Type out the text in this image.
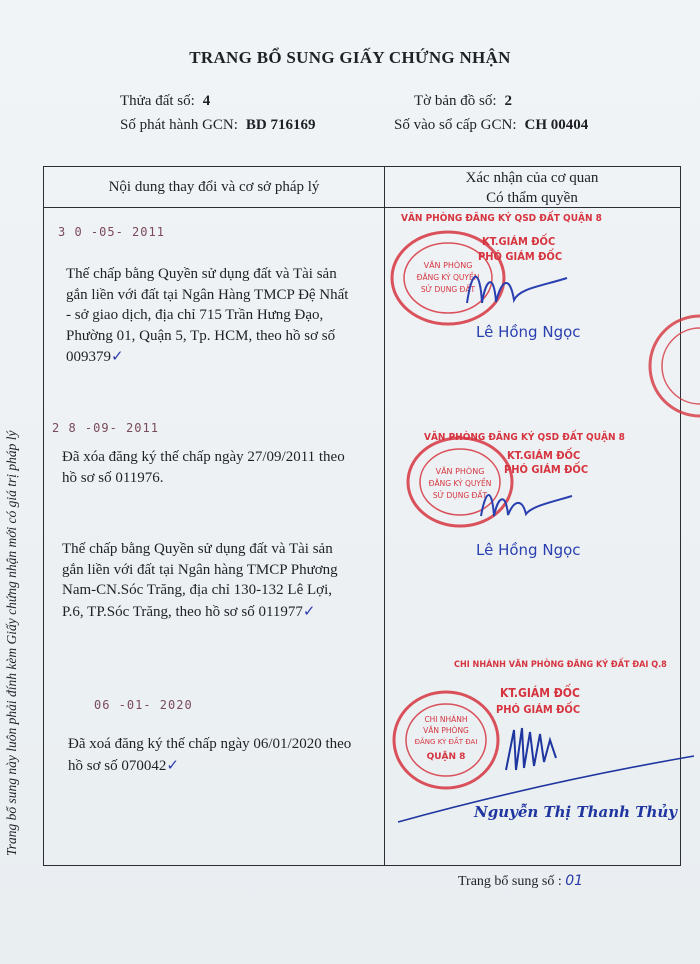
TRANG BỔ SUNG GIẤY CHỨNG NHẬN
Thửa đất số: 4	Tờ bản đồ số: 2
Số phát hành GCN: BD 716169	Số vào sổ cấp GCN: CH 00404
Trang bổ sung này luôn phải đính kèm Giấy chứng nhận mới có giá trị pháp lý
Nội dung thay đổi và cơ sở pháp lý
Xác nhận của cơ quan
Có thẩm quyền
3 0 -05- 2011
Thế chấp bằng Quyền sử dụng đất và Tài sản
gắn liền với đất tại Ngân Hàng TMCP Đệ Nhất
- sở giao dịch, địa chỉ 715 Trần Hưng Đạo,
Phường 01, Quận 5, Tp. HCM, theo hồ sơ số
009379✓
2 8 -09- 2011
Đã xóa đăng ký thế chấp ngày 27/09/2011 theo
hồ sơ số 011976.
Thế chấp bằng Quyền sử dụng đất và Tài sản
gắn liền với đất tại Ngân hàng TMCP Phương
Nam-CN.Sóc Trăng, địa chỉ 130-132 Lê Lợi,
P.6, TP.Sóc Trăng, theo hồ sơ số 011977✓
06 -01- 2020
Đã xoá đăng ký thế chấp ngày 06/01/2020 theo
hồ sơ số 070042✓
VĂN PHÒNG ĐĂNG KÝ QSD ĐẤT QUẬN 8
KT.GIÁM ĐỐC
PHÓ GIÁM ĐỐC
Lê Hồng Ngọc
VĂN PHÒNG ĐĂNG KÝ QSD ĐẤT QUẬN 8
KT.GIÁM ĐỐC
PHÓ GIÁM ĐỐC
Lê Hồng Ngọc
CHI NHÁNH VĂN PHÒNG ĐĂNG KÝ ĐẤT ĐAI Q.8
KT.GIÁM ĐỐC
PHÓ GIÁM ĐỐC
Nguyễn Thị Thanh Thủy
VĂN PHÒNG
ĐĂNG KÝ QUYỀN
SỬ DỤNG ĐẤT
VĂN PHÒNG
ĐĂNG KÝ QUYỀN
SỬ DỤNG ĐẤT
CHI NHÁNH
VĂN PHÒNG
ĐĂNG KÝ ĐẤT ĐAI
QUẬN 8
Trang bổ sung số : 01
